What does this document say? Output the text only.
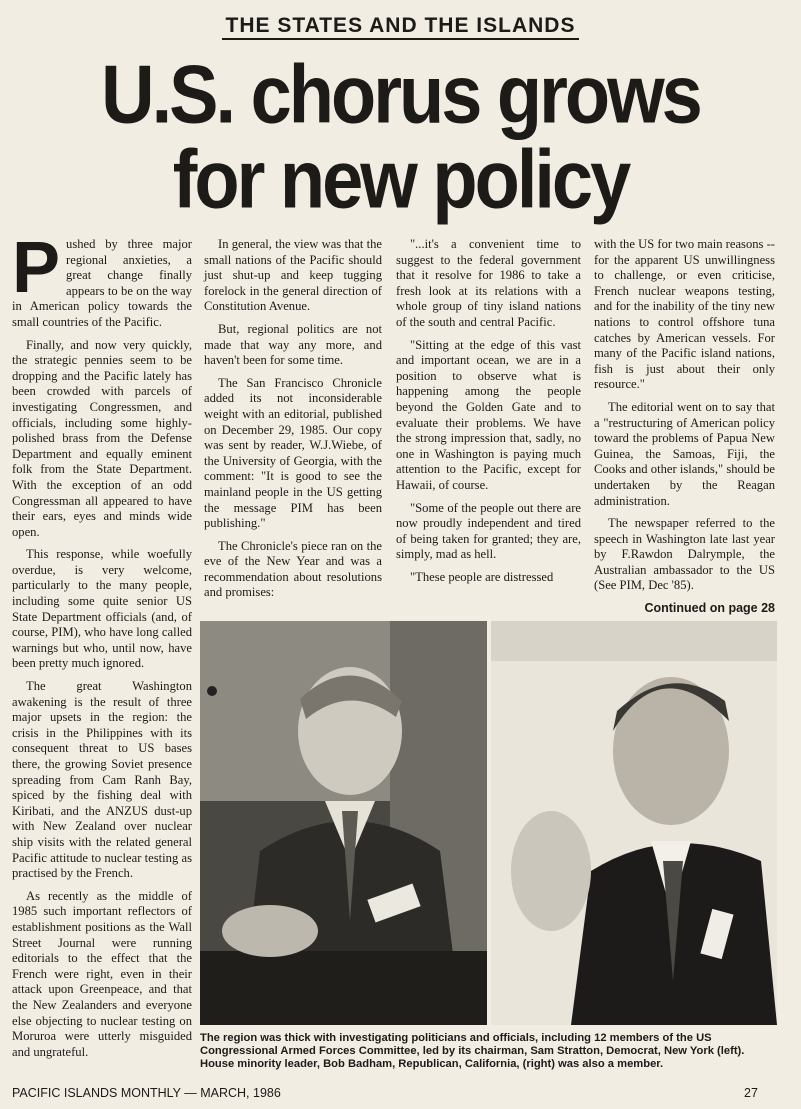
THE STATES AND THE ISLANDS
U.S. chorus grows
for new policy

Pushed by three major regional anxieties, a great change finally appears to be on the way in American policy towards the small countries of the Pacific.

Finally, and now very quickly, the strategic pennies seem to be dropping and the Pacific lately has been crowded with parcels of investigating Congressmen, and officials, including some highly-polished brass from the Defense Department and equally eminent folk from the State Department. With the exception of an odd Congressman all appeared to have their ears, eyes and minds wide open.

This response, while woefully overdue, is very welcome, particularly to the many people, including some quite senior US State Department officials (and, of course, PIM), who have long called warnings but who, until now, have been pretty much ignored.

The great Washington awakening is the result of three major upsets in the region: the crisis in the Philippines with its consequent threat to US bases there, the growing Soviet presence spreading from Cam Ranh Bay, spiced by the fishing deal with Kiribati, and the ANZUS dust-up with New Zealand over nuclear ship visits with the related general Pacific attitude to nuclear testing as practised by the French.

As recently as the middle of 1985 such important reflectors of establishment positions as the Wall Street Journal were running editorials to the effect that the French were right, even in their attack upon Greenpeace, and that the New Zealanders and everyone else objecting to nuclear testing on Moruroa were utterly misguided and ungrateful.

In general, the view was that the small nations of the Pacific should just shut-up and keep tugging forelock in the general direction of Constitution Avenue.

But, regional politics are not made that way any more, and haven't been for some time.

The San Francisco Chronicle added its not inconsiderable weight with an editorial, published on December 29, 1985. Our copy was sent by reader, W.J.Wiebe, of the University of Georgia, with the comment: "It is good to see the mainland people in the US getting the message PIM has been publishing."

The Chronicle's piece ran on the eve of the New Year and was a recommendation about resolutions and promises:

"...it's a convenient time to suggest to the federal government that it resolve for 1986 to take a fresh look at its relations with a whole group of tiny island nations of the south and central Pacific.

"Sitting at the edge of this vast and important ocean, we are in a position to observe what is happening among the people beyond the Golden Gate and to evaluate their problems. We have the strong impression that, sadly, no one in Washington is paying much attention to the Pacific, except for Hawaii, of course.

"Some of the people out there are now proudly independent and tired of being taken for granted; they are, simply, mad as hell.

"These people are distressed

with the US for two main reasons -- for the apparent US unwillingness to challenge, or even criticise, French nuclear weapons testing, and for the inability of the tiny new nations to control offshore tuna catches by American vessels. For many of the Pacific island nations, fish is just about their only resource."

The editorial went on to say that a "restructuring of American policy toward the problems of Papua New Guinea, the Samoas, Fiji, the Cooks and other islands," should be undertaken by the Reagan administration.

The newspaper referred to the speech in Washington late last year by F.Rawdon Dalrymple, the Australian ambassador to the US (See PIM, Dec '85).

Continued on page 28

The region was thick with investigating politicians and officials, including 12 members of the US Congressional Armed Forces Committee, led by its chairman, Sam Stratton, Democrat, New York (left). House minority leader, Bob Badham, Republican, California, (right) was also a member.
PACIFIC ISLANDS MONTHLY — MARCH, 1986	27
